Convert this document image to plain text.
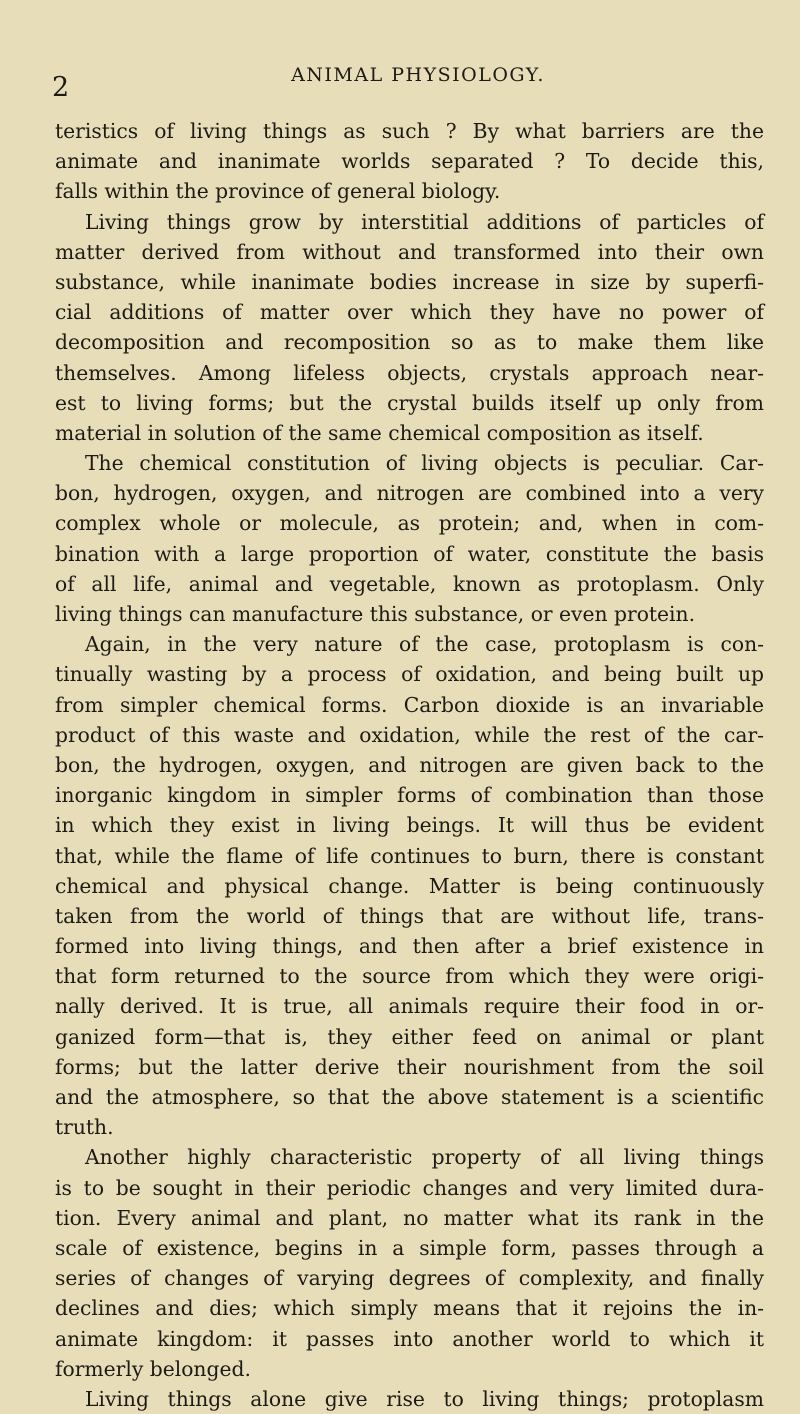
2	ANIMAL PHYSIOLOGY.
teristics of living things as such ? By what barriers are the
animate and inanimate worlds separated ? To decide this,
falls within the province of general biology.
Living things grow by interstitial additions of particles of
matter derived from without and transformed into their own
substance, while inanimate bodies increase in size by superfi-
cial additions of matter over which they have no power of
decomposition and recomposition so as to make them like
themselves. Among lifeless objects, crystals approach near-
est to living forms; but the crystal builds itself up only from
material in solution of the same chemical composition as itself.
The chemical constitution of living objects is peculiar. Car-
bon, hydrogen, oxygen, and nitrogen are combined into a very
complex whole or molecule, as protein; and, when in com-
bination with a large proportion of water, constitute the basis
of all life, animal and vegetable, known as protoplasm. Only
living things can manufacture this substance, or even protein.
Again, in the very nature of the case, protoplasm is con-
tinually wasting by a process of oxidation, and being built up
from simpler chemical forms. Carbon dioxide is an invariable
product of this waste and oxidation, while the rest of the car-
bon, the hydrogen, oxygen, and nitrogen are given back to the
inorganic kingdom in simpler forms of combination than those
in which they exist in living beings. It will thus be evident
that, while the flame of life continues to burn, there is constant
chemical and physical change. Matter is being continuously
taken from the world of things that are without life, trans-
formed into living things, and then after a brief existence in
that form returned to the source from which they were origi-
nally derived. It is true, all animals require their food in or-
ganized form—that is, they either feed on animal or plant
forms; but the latter derive their nourishment from the soil
and the atmosphere, so that the above statement is a scientific
truth.
Another highly characteristic property of all living things
is to be sought in their periodic changes and very limited dura-
tion. Every animal and plant, no matter what its rank in the
scale of existence, begins in a simple form, passes through a
series of changes of varying degrees of complexity, and finally
declines and dies; which simply means that it rejoins the in-
animate kingdom: it passes into another world to which it
formerly belonged.
Living things alone give rise to living things; protoplasm
